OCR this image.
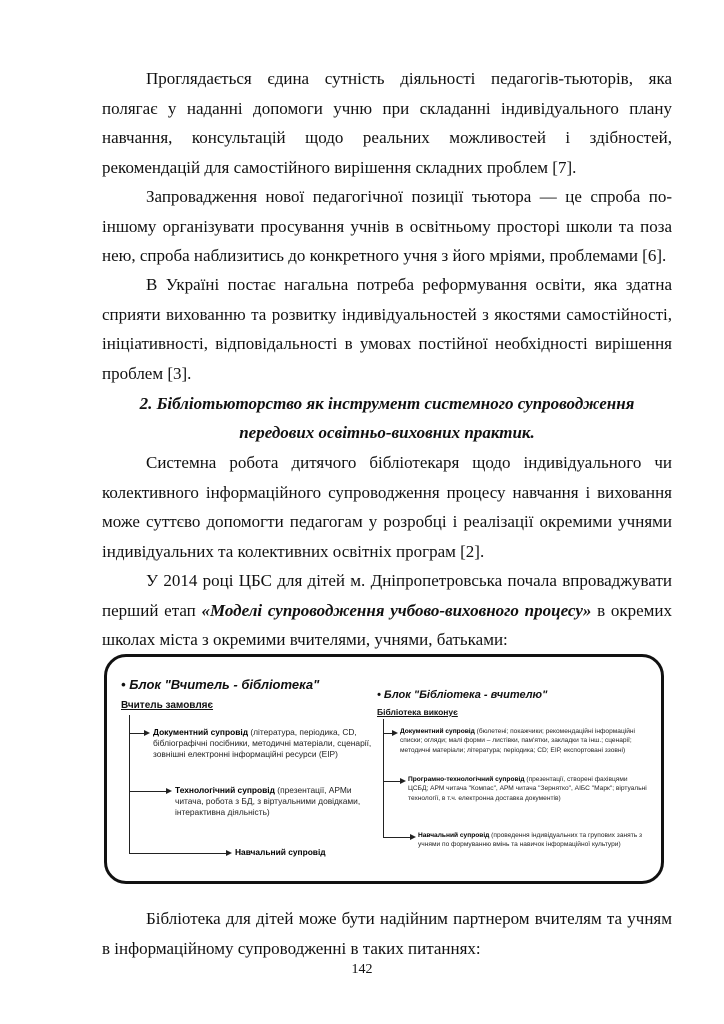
Проглядається єдина сутність діяльності педагогів-тьюторів, яка полягає у наданні допомоги учню при складанні індивідуального плану навчання, консультацій щодо реальних можливостей і здібностей, рекомендацій для самостійного вирішення складних проблем [7].

Запровадження нової педагогічної позиції тьютора — це спроба по-іншому організувати просування учнів в освітньому просторі школи та поза нею, спроба наблизитись до конкретного учня з його мріями, проблемами [6].

В Україні постає нагальна потреба реформування освіти, яка здатна сприяти вихованню та розвитку індивідуальностей з якостями самостійності, ініціативності, відповідальності в умовах постійної необхідності вирішення проблем [3].

2. Бібліотьюторство як інструмент системного супроводження

передових освітньо-виховних практик.

Системна робота дитячого бібліотекаря щодо індивідуального чи колективного інформаційного супроводження процесу навчання і виховання може суттєво допомогти педагогам у розробці і реалізації окремими учнями індивідуальних та колективних освітніх програм [2].

У 2014 році ЦБС для дітей м. Дніпропетровська почала впроваджувати перший етап «Моделі супроводження учбово-виховного процесу» в окремих школах міста з окремими вчителями, учнями, батьками:

• Блок "Вчитель - бібліотека"
Вчитель замовляє
Документний супровід (література, періодика, CD, бібліографічні посібники, методичні матеріали, сценарії, зовнішні електронні інформаційні ресурси (ЕІР)
Технологічний супровід (презентації, АРМи читача, робота з БД, з віртуальними довідками, інтерактивна діяльність)
Навчальний супровід
• Блок "Бібліотека - вчителю"
Бібліотека виконує
Документний супровід (бюлетені; покажчики; рекомендаційні інформаційні списки; огляди; малі форми – листівки, пам'ятки, закладки та інш.; сценарії; методичні матеріали; література; періодика; CD; ЕІР, експортовані ззовні)
Програмно-технологічний супровід (презентації, створені фахівцями ЦСБД; АРМ читача "Компас", АРМ читача "Зернятко", АІБС "Марк"; віртуальні технології, в т.ч. електронна доставка документів)
Навчальний супровід (проведення індивідуальних та групових занять з учнями по формуванню вмінь та навичок інформаційної культури)

Бібліотека для дітей може бути надійним партнером вчителям та учням в інформаційному супроводженні в таких питаннях:

142
